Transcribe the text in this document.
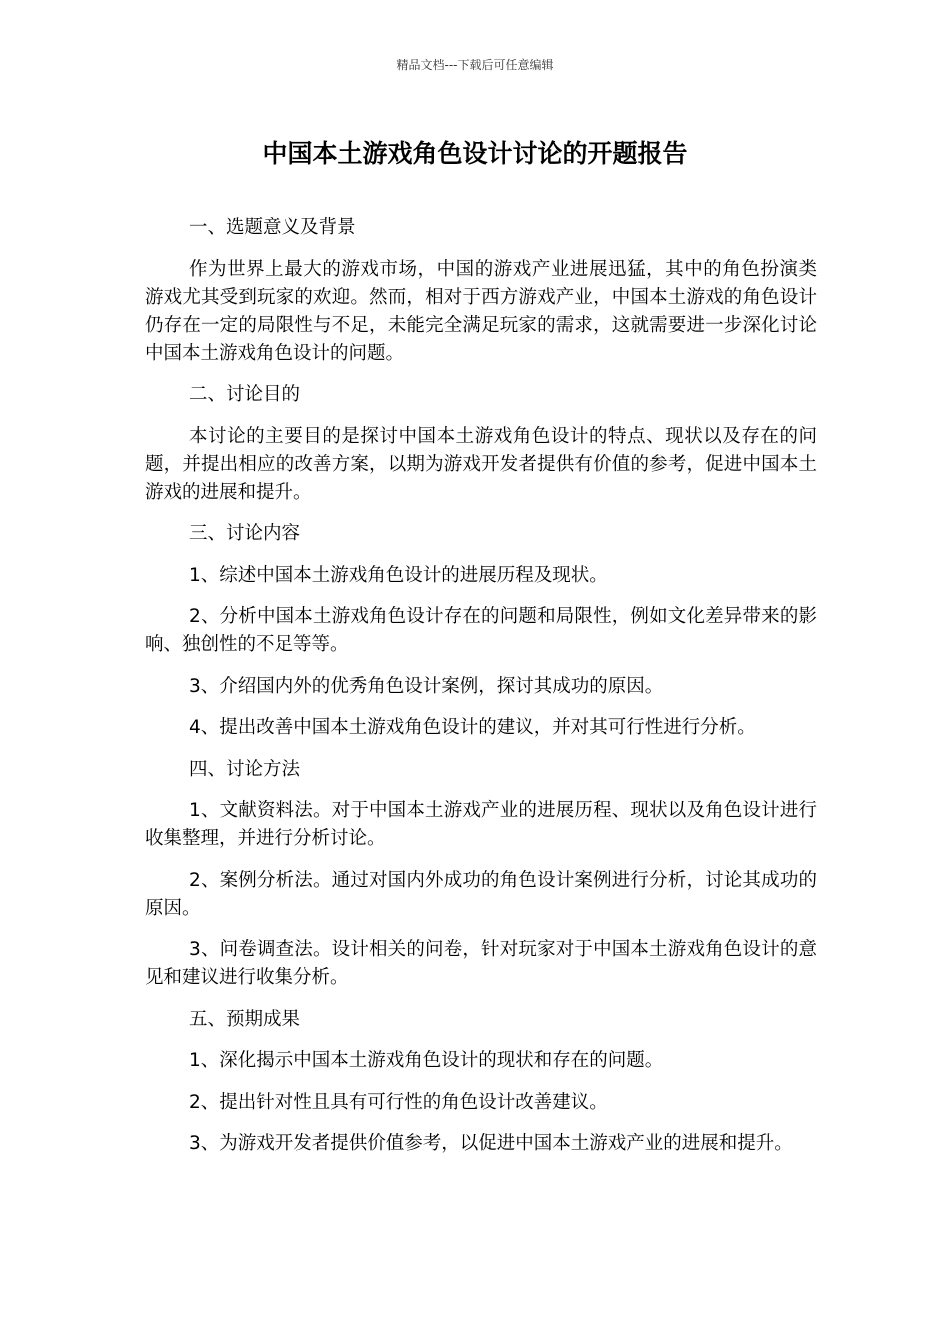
精品文档---下载后可任意编辑
中国本土游戏角色设计讨论的开题报告

一、选题意义及背景

作为世界上最大的游戏市场，中国的游戏产业进展迅猛，其中的角色扮演类游戏尤其受到玩家的欢迎。然而，相对于西方游戏产业，中国本土游戏的角色设计仍存在一定的局限性与不足，未能完全满足玩家的需求，这就需要进一步深化讨论中国本土游戏角色设计的问题。

二、讨论目的

本讨论的主要目的是探讨中国本土游戏角色设计的特点、现状以及存在的问题，并提出相应的改善方案，以期为游戏开发者提供有价值的参考，促进中国本土游戏的进展和提升。

三、讨论内容

1、综述中国本土游戏角色设计的进展历程及现状。

2、分析中国本土游戏角色设计存在的问题和局限性，例如文化差异带来的影响、独创性的不足等等。

3、介绍国内外的优秀角色设计案例，探讨其成功的原因。

4、提出改善中国本土游戏角色设计的建议，并对其可行性进行分析。

四、讨论方法

1、文献资料法。对于中国本土游戏产业的进展历程、现状以及角色设计进行收集整理，并进行分析讨论。

2、案例分析法。通过对国内外成功的角色设计案例进行分析，讨论其成功的原因。

3、问卷调查法。设计相关的问卷，针对玩家对于中国本土游戏角色设计的意见和建议进行收集分析。

五、预期成果

1、深化揭示中国本土游戏角色设计的现状和存在的问题。

2、提出针对性且具有可行性的角色设计改善建议。

3、为游戏开发者提供价值参考，以促进中国本土游戏产业的进展和提升。
